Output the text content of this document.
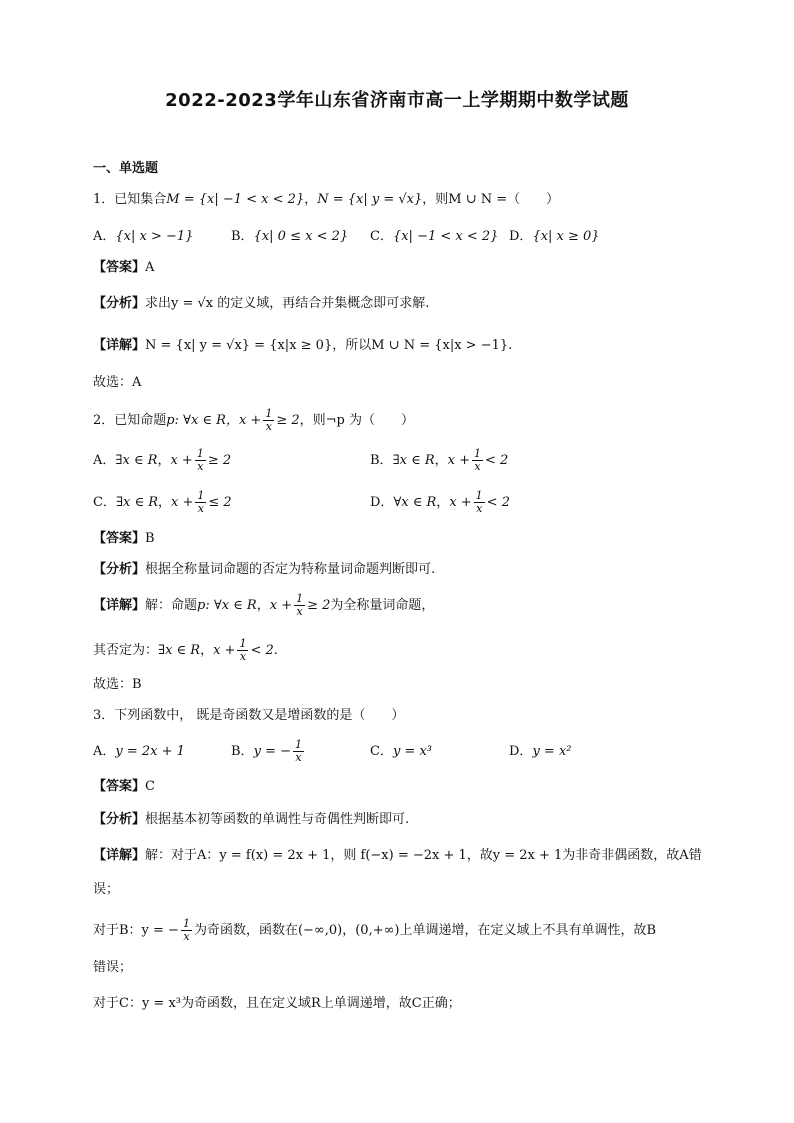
2022-2023学年山东省济南市高一上学期期中数学试题
一、单选题
1．已知集合M = {x| −1 < x < 2}，N = {x| y = √x}，则M ∪ N =（　　）
A．{x| x > −1}	B．{x| 0 ≤ x < 2} C．{x| −1 < x < 2} D．{x| x ≥ 0}
【答案】A
【分析】求出y = √x 的定义域，再结合并集概念即可求解.
【详解】N = {x| y = √x} = {x|x ≥ 0}，所以M ∪ N = {x|x > −1}.
故选：A
2．已知命题p: ∀x ∈ R，$x + \frac{1}{x} \ge 2$，则¬p 为（　　）
A．∃x ∈ R，$x + \frac{1}{x} \ge 2$	B．∃x ∈ R，$x + \frac{1}{x} < 2$
C．∃x ∈ R，$x + \frac{1}{x} \le 2$	D．∀x ∈ R，$x + \frac{1}{x} < 2$
【答案】B
【分析】根据全称量词命题的否定为特称量词命题判断即可.
【详解】解：命题p: ∀x ∈ R，$x + \frac{1}{x} \ge 2$为全称量词命题，
其否定为：∃x ∈ R，$x + \frac{1}{x} < 2$.
故选：B
3．下列函数中， 既是奇函数又是增函数的是（　　）
A．y = 2x + 1	B．y = − $\frac{1}{x}$	C．y = x³	D．y = x²
【答案】C
【分析】根据基本初等函数的单调性与奇偶性判断即可.
【详解】解：对于A：y = f(x) = 2x + 1，则 f(−x) = −2x + 1，故y = 2x + 1为非奇非偶函数，故A错
误；
对于B：y = − $\frac{1}{x}$ 为奇函数，函数在(−∞,0)，(0,+∞)上单调递增，在定义域上不具有单调性，故B
错误；
对于C：y = x³为奇函数，且在定义域R上单调递增，故C正确；
